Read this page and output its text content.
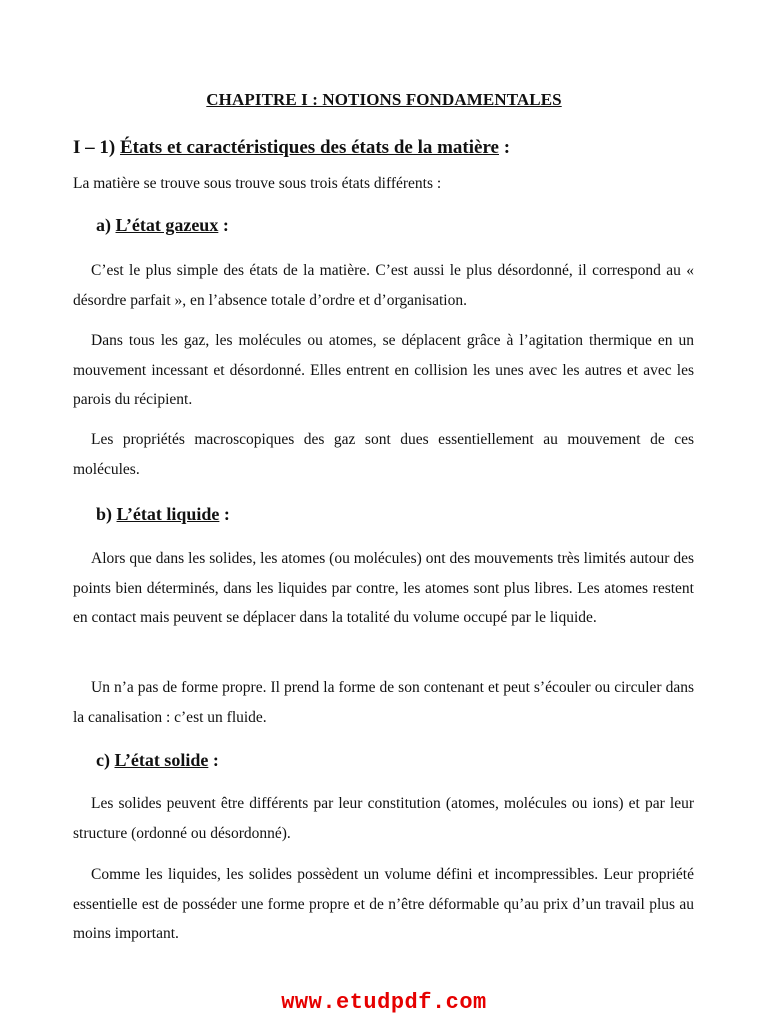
CHAPITRE I : NOTIONS FONDAMENTALES
I – 1) États et caractéristiques des états de la matière :
La matière se trouve sous trouve sous trois états différents :
a) L’état gazeux :
C’est le plus simple des états de la matière. C’est aussi le plus désordonné, il correspond au « désordre parfait », en l’absence totale d’ordre et d’organisation.
Dans tous les gaz, les molécules ou atomes, se déplacent grâce à l’agitation thermique en un mouvement incessant et désordonné. Elles entrent en collision les unes avec les autres et avec les parois du récipient.
Les propriétés macroscopiques des gaz sont dues essentiellement au mouvement de ces molécules.
b) L’état liquide :
Alors que dans les solides, les atomes (ou molécules) ont des mouvements très limités autour des points bien déterminés, dans les liquides par contre, les atomes sont plus libres. Les atomes restent en contact mais peuvent se déplacer dans la totalité du volume occupé par le liquide.
Un n’a pas de forme propre. Il prend la forme de son contenant et peut s’écouler ou circuler dans la canalisation : c’est un fluide.
c) L’état solide :
Les solides peuvent être différents par leur constitution (atomes, molécules ou ions) et par leur structure (ordonné ou désordonné).
Comme les liquides, les solides possèdent un volume défini et incompressibles. Leur propriété essentielle est de posséder une forme propre et de n’être déformable qu’au prix d’un travail plus au moins important.
www.etudpdf.com
